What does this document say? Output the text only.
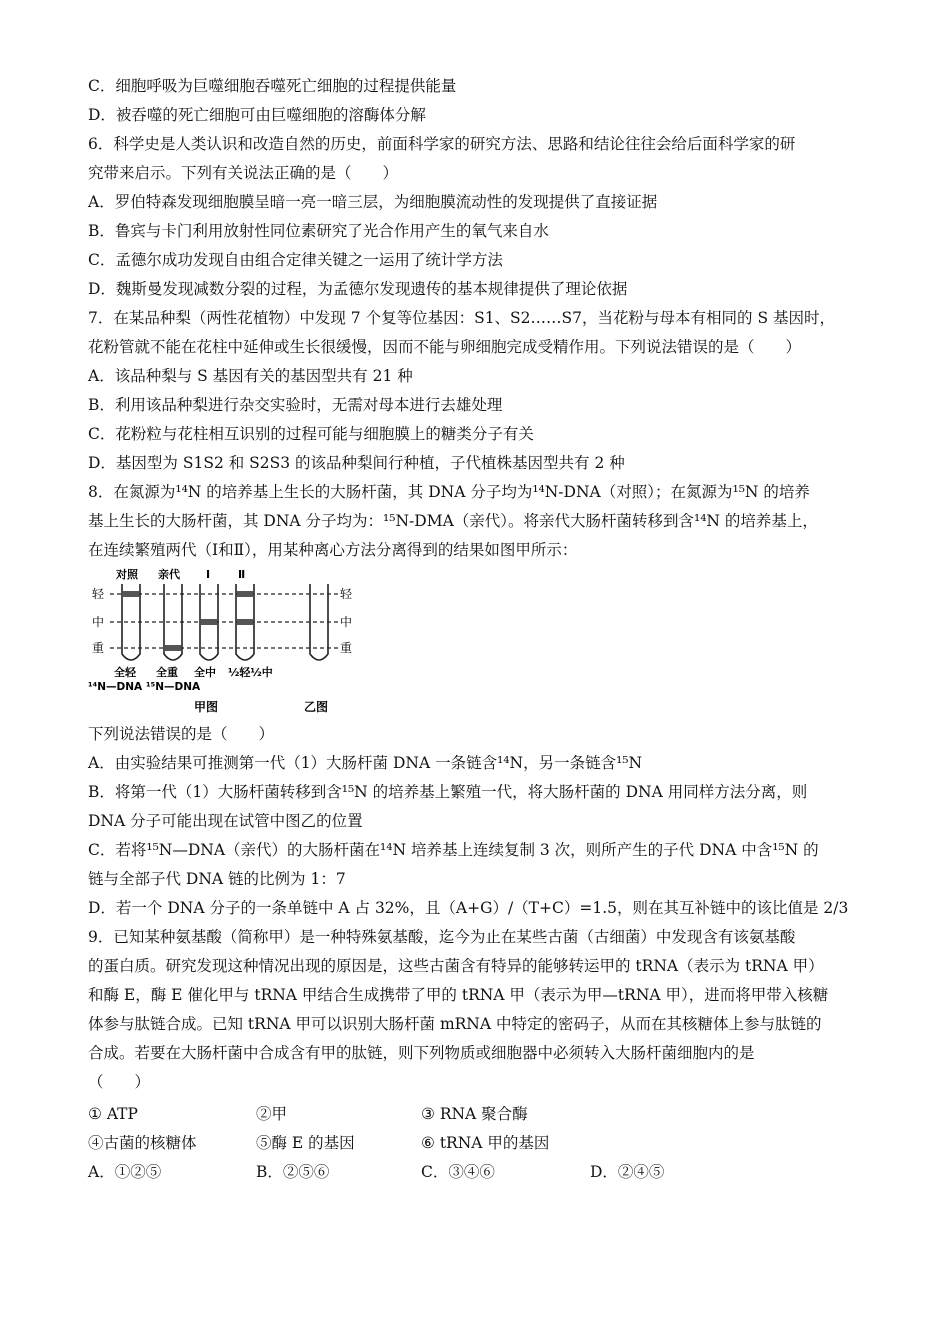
C．细胞呼吸为巨噬细胞吞噬死亡细胞的过程提供能量
D．被吞噬的死亡细胞可由巨噬细胞的溶酶体分解
6．科学史是人类认识和改造自然的历史，前面科学家的研究方法、思路和结论往往会给后面科学家的研
究带来启示。下列有关说法正确的是（　　）
A．罗伯特森发现细胞膜呈暗一亮一暗三层，为细胞膜流动性的发现提供了直接证据
B．鲁宾与卡门利用放射性同位素研究了光合作用产生的氧气来自水
C．孟德尔成功发现自由组合定律关键之一运用了统计学方法
D．魏斯曼发现减数分裂的过程，为孟德尔发现遗传的基本规律提供了理论依据
7．在某品种梨（两性花植物）中发现 7 个复等位基因：S1、S2……S7，当花粉与母本有相同的 S 基因时，
花粉管就不能在花柱中延伸或生长很缓慢，因而不能与卵细胞完成受精作用。下列说法错误的是（　　）
A．该品种梨与 S 基因有关的基因型共有 21 种
B．利用该品种梨进行杂交实验时，无需对母本进行去雄处理
C．花粉粒与花柱相互识别的过程可能与细胞膜上的糖类分子有关
D．基因型为 S1S2 和 S2S3 的该品种梨间行种植，子代植株基因型共有 2 种
8．在氮源为¹⁴N 的培养基上生长的大肠杆菌，其 DNA 分子均为¹⁴N-DNA（对照）；在氮源为¹⁵N 的培养
基上生长的大肠杆菌，其 DNA 分子均为：¹⁵N-DMA（亲代）。将亲代大肠杆菌转移到含¹⁴N 的培养基上，
在连续繁殖两代（Ⅰ和Ⅱ），用某种离心方法分离得到的结果如图甲所示：
轻
中
重
轻
中
重
对照 亲代 Ⅰ	Ⅱ
全轻 全重 全中 ½轻½中
¹⁴N—DNA ¹⁵N—DNA
甲图	乙图
下列说法错误的是（　　）
A．由实验结果可推测第一代（1）大肠杆菌 DNA 一条链含¹⁴N，另一条链含¹⁵N
B．将第一代（1）大肠杆菌转移到含¹⁵N 的培养基上繁殖一代，将大肠杆菌的 DNA 用同样方法分离，则
DNA 分子可能出现在试管中图乙的位置
C．若将¹⁵N—DNA（亲代）的大肠杆菌在¹⁴N 培养基上连续复制 3 次，则所产生的子代 DNA 中含¹⁵N 的
链与全部子代 DNA 链的比例为 1：7
D．若一个 DNA 分子的一条单链中 A 占 32%，且（A+G）/（T+C）=1.5，则在其互补链中的该比值是 2/3
9．已知某种氨基酸（简称甲）是一种特殊氨基酸，迄今为止在某些古菌（古细菌）中发现含有该氨基酸
的蛋白质。研究发现这种情况出现的原因是，这些古菌含有特异的能够转运甲的 tRNA（表示为 tRNA 甲）
和酶 E，酶 E 催化甲与 tRNA 甲结合生成携带了甲的 tRNA 甲（表示为甲—tRNA 甲），进而将甲带入核糖
体参与肽链合成。已知 tRNA 甲可以识别大肠杆菌 mRNA 中特定的密码子，从而在其核糖体上参与肽链的
合成。若要在大肠杆菌中合成含有甲的肽链，则下列物质或细胞器中必须转入大肠杆菌细胞内的是
（　　）
① ATP	②甲	③ RNA 聚合酶
④古菌的核糖体	⑤酶 E 的基因	⑥ tRNA 甲的基因
A．①②⑤	B．②⑤⑥	C．③④⑥	D．②④⑤
